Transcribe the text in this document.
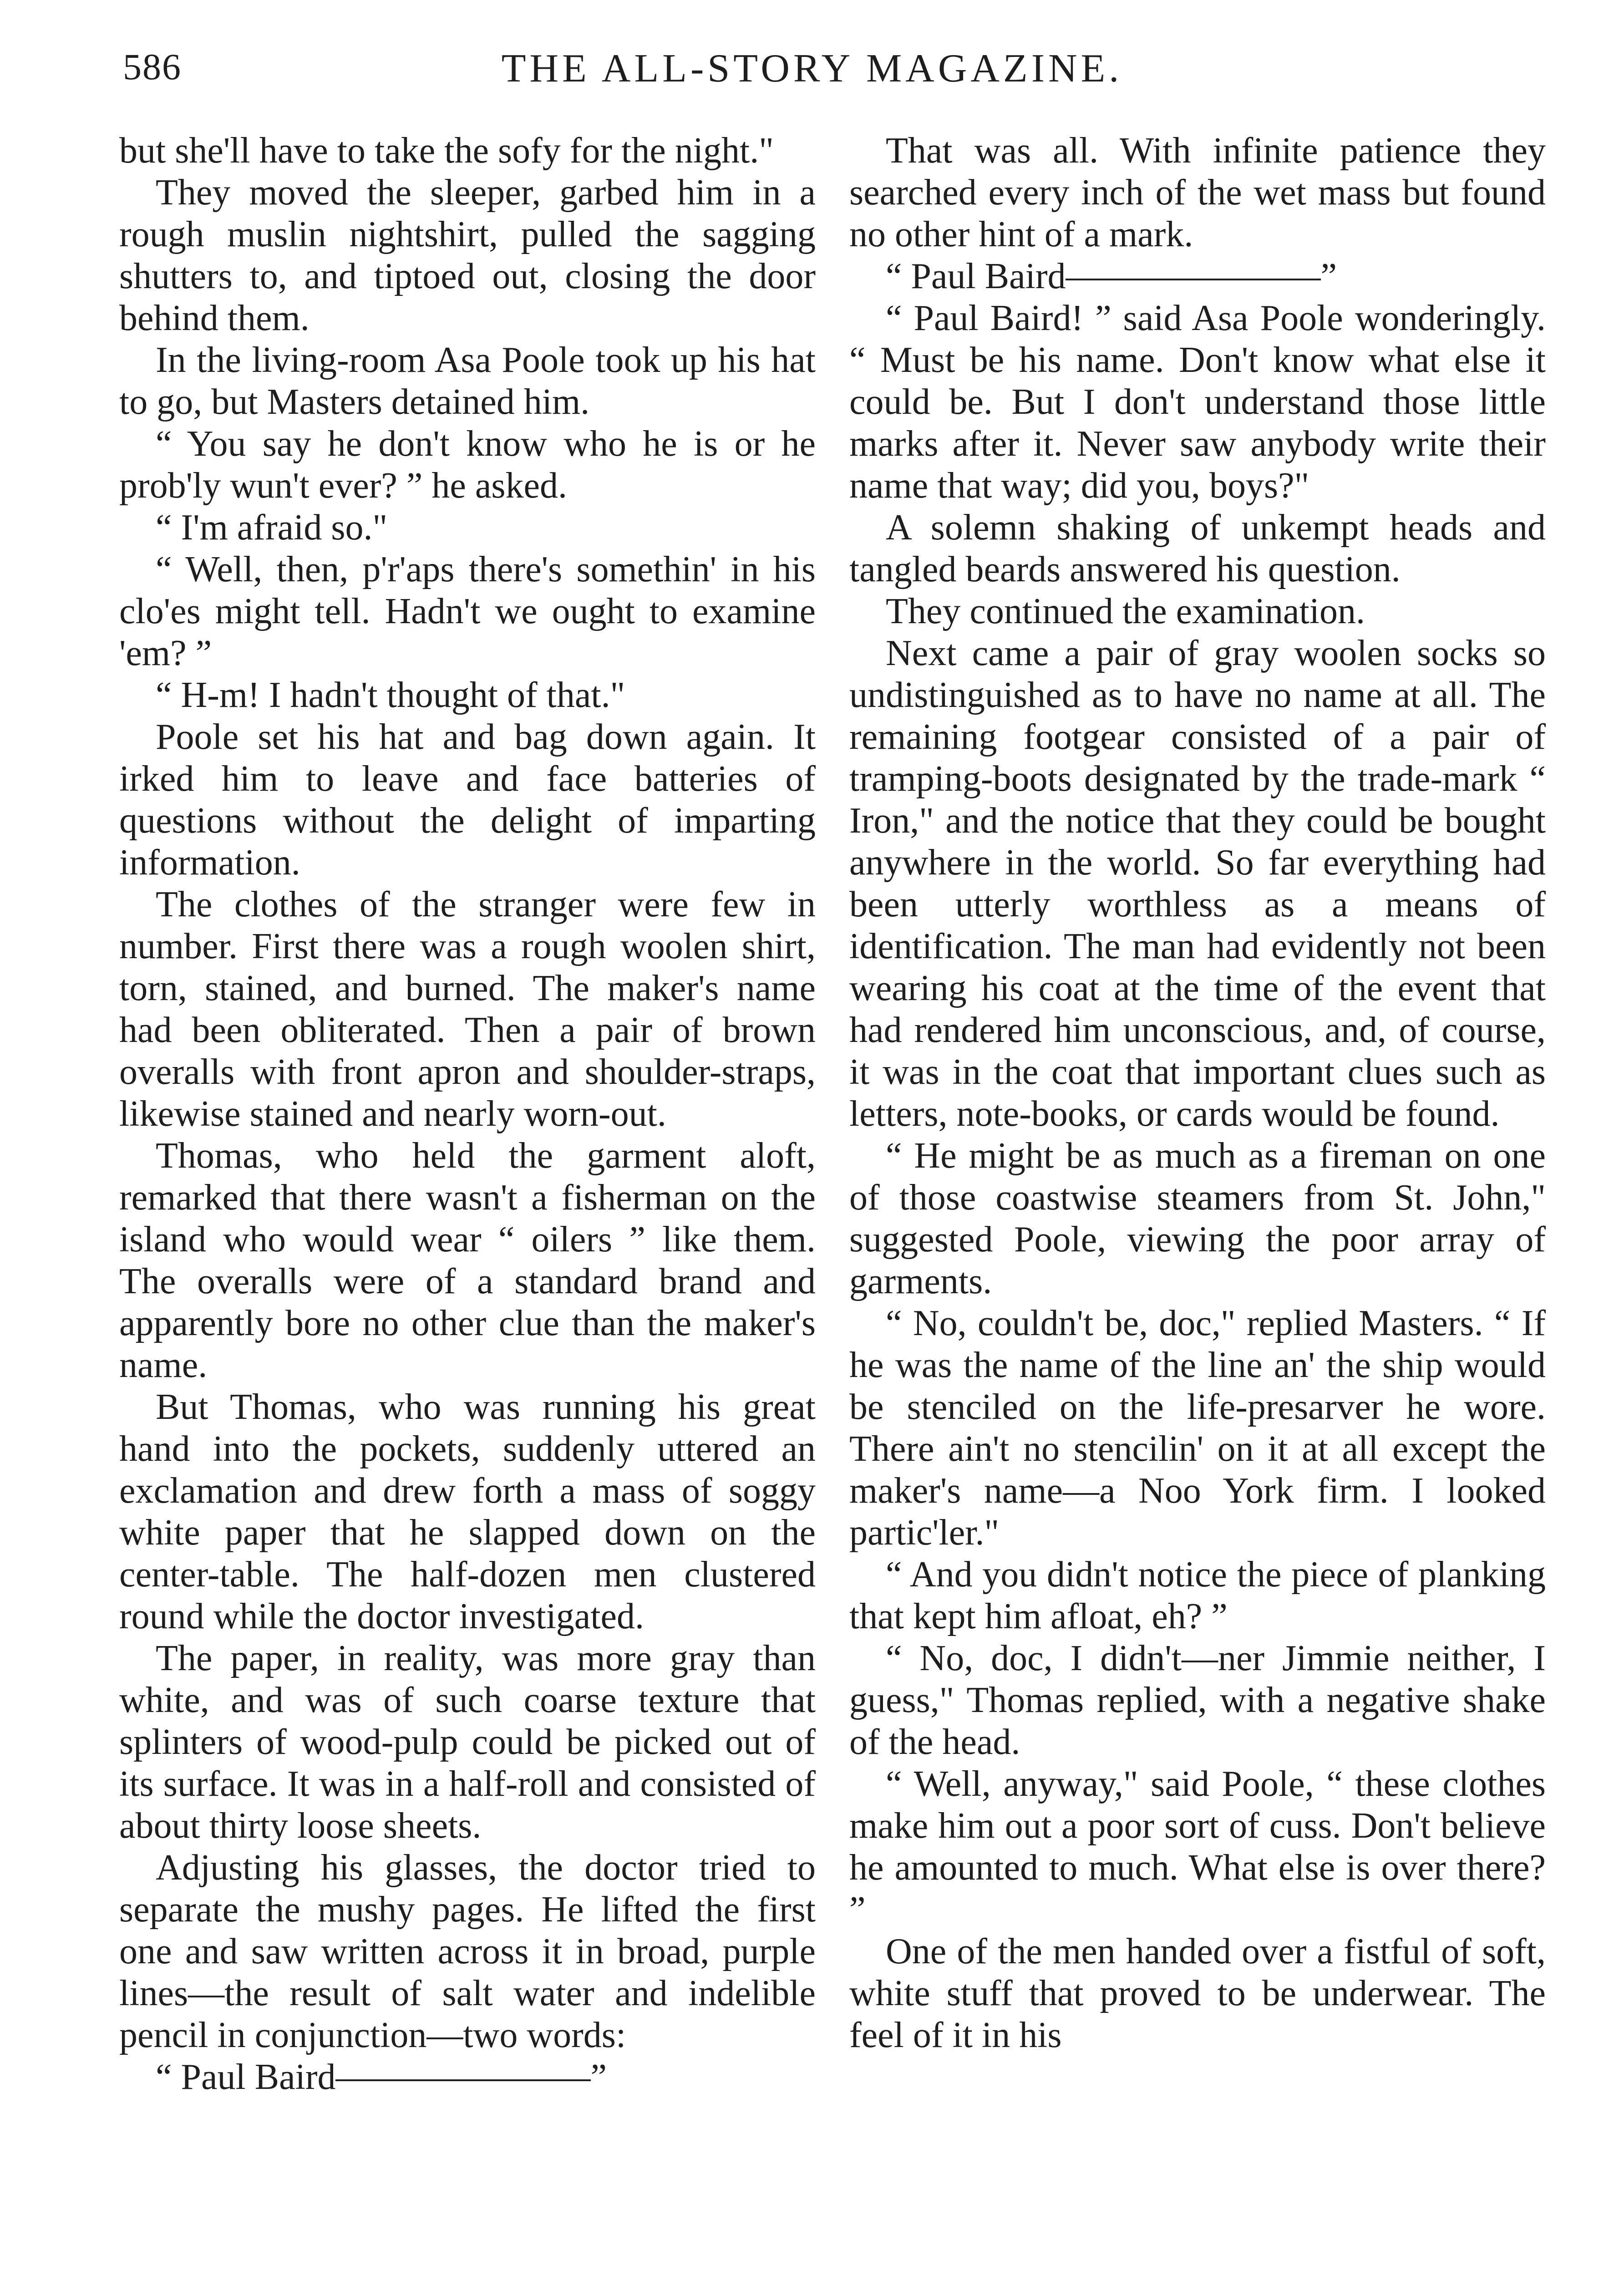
586	THE ALL-STORY MAGAZINE.

but she'll have to take the sofy for the night."

They moved the sleeper, garbed him in a rough muslin nightshirt, pulled the sagging shutters to, and tiptoed out, closing the door behind them.

In the living-room Asa Poole took up his hat to go, but Masters detained him.

“ You say he don't know who he is or he prob'ly wun't ever? ” he asked.

“ I'm afraid so."

“ Well, then, p'r'aps there's somethin' in his clo'es might tell. Hadn't we ought to examine 'em? ”

“ H-m! I hadn't thought of that."

Poole set his hat and bag down again. It irked him to leave and face batteries of questions without the delight of imparting information.

The clothes of the stranger were few in number. First there was a rough woolen shirt, torn, stained, and burned. The maker's name had been obliterated. Then a pair of brown overalls with front apron and shoulder-straps, likewise stained and nearly worn-out.

Thomas, who held the garment aloft, remarked that there wasn't a fisherman on the island who would wear “ oilers ” like them. The overalls were of a standard brand and apparently bore no other clue than the maker's name.

But Thomas, who was running his great hand into the pockets, suddenly uttered an exclamation and drew forth a mass of soggy white paper that he slapped down on the center-table. The half-dozen men clustered round while the doctor investigated.

The paper, in reality, was more gray than white, and was of such coarse texture that splinters of wood-pulp could be picked out of its surface. It was in a half-roll and consisted of about thirty loose sheets.

Adjusting his glasses, the doctor tried to separate the mushy pages. He lifted the first one and saw written across it in broad, purple lines—the result of salt water and indelible pencil in conjunction—two words:

“ Paul Baird———————”

That was all. With infinite patience they searched every inch of the wet mass but found no other hint of a mark.

“ Paul Baird———————”

“ Paul Baird! ” said Asa Poole wonderingly. “ Must be his name. Don't know what else it could be. But I don't understand those little marks after it. Never saw anybody write their name that way; did you, boys?"

A solemn shaking of unkempt heads and tangled beards answered his question.

They continued the examination.

Next came a pair of gray woolen socks so undistinguished as to have no name at all. The remaining footgear consisted of a pair of tramping-boots designated by the trade-mark “ Iron," and the notice that they could be bought anywhere in the world. So far everything had been utterly worthless as a means of identification. The man had evidently not been wearing his coat at the time of the event that had rendered him unconscious, and, of course, it was in the coat that important clues such as letters, note-books, or cards would be found.

“ He might be as much as a fireman on one of those coastwise steamers from St. John," suggested Poole, viewing the poor array of garments.

“ No, couldn't be, doc," replied Masters. “ If he was the name of the line an' the ship would be stenciled on the life-presarver he wore. There ain't no stencilin' on it at all except the maker's name—a Noo York firm. I looked partic'ler."

“ And you didn't notice the piece of planking that kept him afloat, eh? ”

“ No, doc, I didn't—ner Jimmie neither, I guess," Thomas replied, with a negative shake of the head.

“ Well, anyway," said Poole, “ these clothes make him out a poor sort of cuss. Don't believe he amounted to much. What else is over there? ”

One of the men handed over a fistful of soft, white stuff that proved to be underwear. The feel of it in his
